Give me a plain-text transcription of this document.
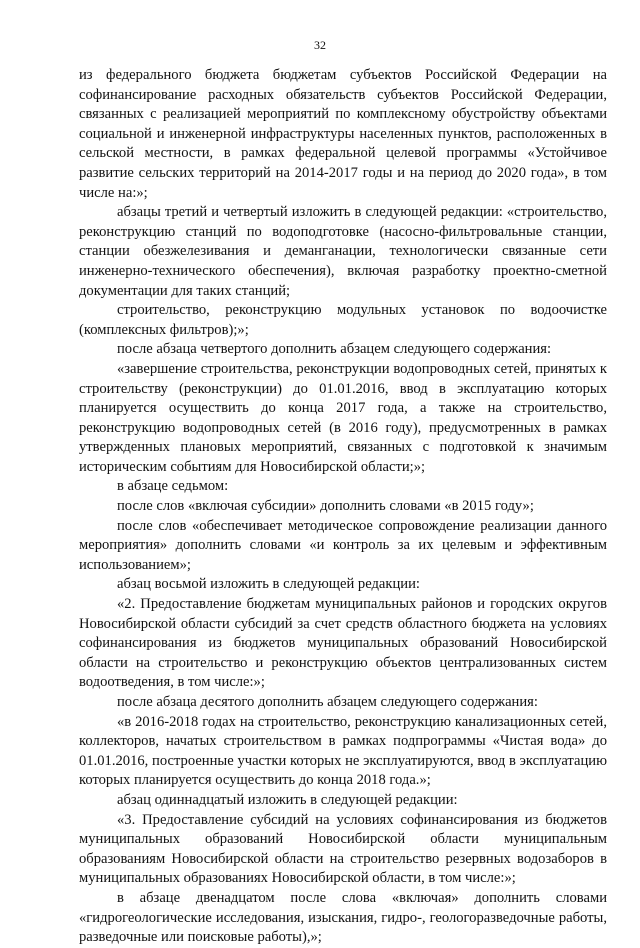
32

из федерального бюджета бюджетам субъектов Российской Федерации на софинансирование расходных обязательств субъектов Российской Федерации, связанных с реализацией мероприятий по комплексному обустройству объектами социальной и инженерной инфраструктуры населенных пунктов, расположенных в сельской местности, в рамках федеральной целевой программы «Устойчивое развитие сельских территорий на 2014-2017 годы и на период до 2020 года», в том числе на:»;

абзацы третий и четвертый изложить в следующей редакции: «строительство, реконструкцию станций по водоподготовке (насосно-фильтровальные станции, станции обезжелезивания и деманганации, технологически связанные сети инженерно-технического обеспечения), включая разработку проектно-сметной документации для таких станций;

строительство, реконструкцию модульных установок по водоочистке (комплексных фильтров);»;

после абзаца четвертого дополнить абзацем следующего содержания:

«завершение строительства, реконструкции водопроводных сетей, принятых к строительству (реконструкции) до 01.01.2016, ввод в эксплуатацию которых планируется осуществить до конца 2017 года, а также на строительство, реконструкцию водопроводных сетей (в 2016 году), предусмотренных в рамках утвержденных плановых мероприятий, связанных с подготовкой к значимым историческим событиям для Новосибирской области;»;

в абзаце седьмом:

после слов «включая субсидии» дополнить словами «в 2015 году»;

после слов «обеспечивает методическое сопровождение реализации данного мероприятия» дополнить словами «и контроль за их целевым и эффективным использованием»;

абзац восьмой изложить в следующей редакции:

«2. Предоставление бюджетам муниципальных районов и городских округов Новосибирской области субсидий за счет средств областного бюджета на условиях софинансирования из бюджетов муниципальных образований Новосибирской области на строительство и реконструкцию объектов централизованных систем водоотведения, в том числе:»;

после абзаца десятого дополнить абзацем следующего содержания:

«в 2016-2018 годах на строительство, реконструкцию канализационных сетей, коллекторов, начатых строительством в рамках подпрограммы «Чистая вода» до 01.01.2016, построенные участки которых не эксплуатируются, ввод в эксплуатацию которых планируется осуществить до конца 2018 года.»;

абзац одиннадцатый изложить в следующей редакции:

«3. Предоставление субсидий на условиях софинансирования из бюджетов муниципальных образований Новосибирской области муниципальным образованиям Новосибирской области на строительство резервных водозаборов в муниципальных образованиях Новосибирской области, в том числе:»;

в абзаце двенадцатом после слова «включая» дополнить словами «гидрогеологические исследования, изыскания, гидро-, геологоразведочные работы, разведочные или поисковые работы),»;
